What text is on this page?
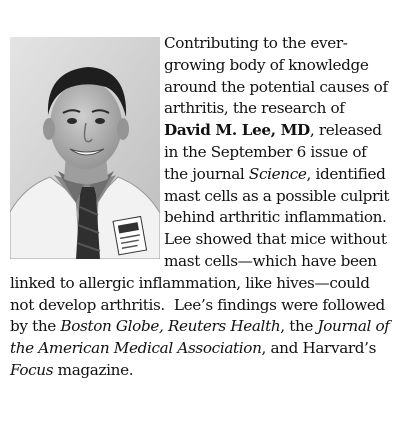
Contributing to the ever-growing body of knowledge around the potential causes of arthritis, the research of David M. Lee, MD, released in the September 6 issue of the journal Science, identified mast cells as a possible culprit behind arthritic inflammation. Lee showed that mice without mast cells—which have been linked to allergic inflammation, like hives—could not develop arthritis.  Lee’s findings were followed by the Boston Globe, Reuters Health, the Journal of the American Medical Association, and Harvard’s Focus magazine.
